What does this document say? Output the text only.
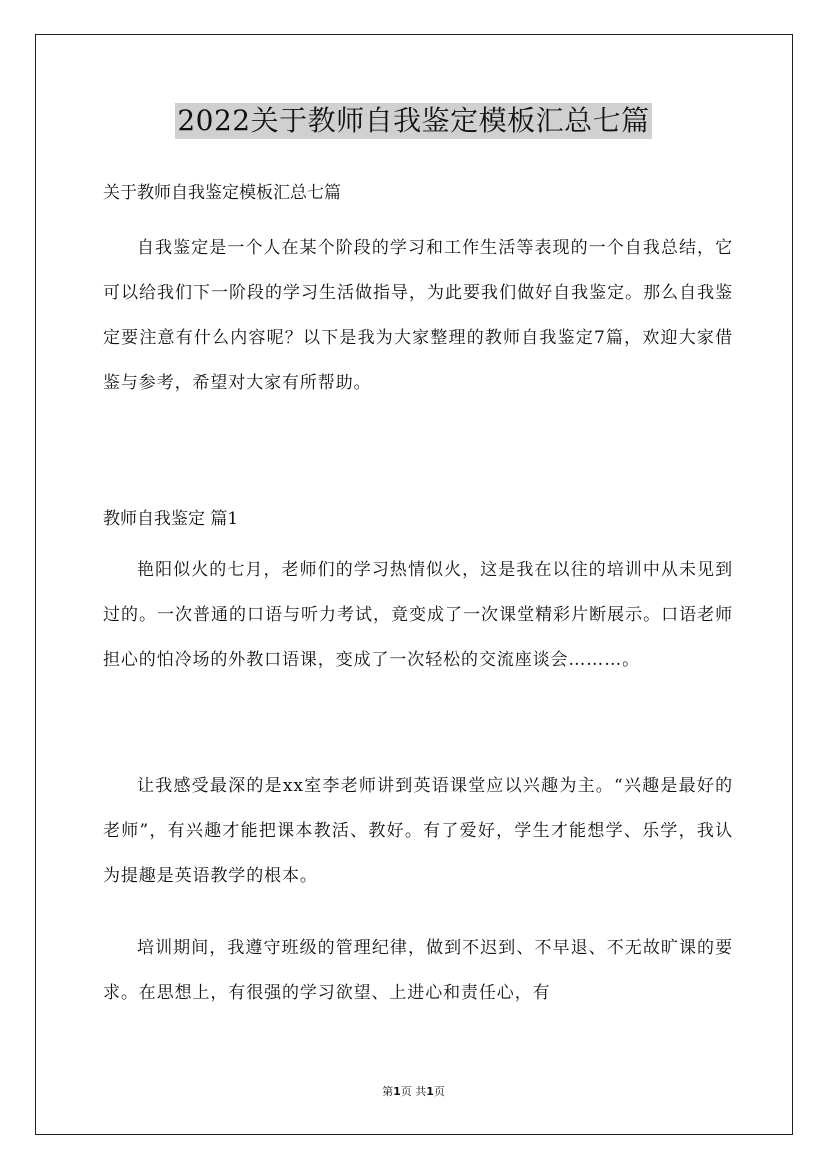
2022关于教师自我鉴定模板汇总七篇
关于教师自我鉴定模板汇总七篇

自我鉴定是一个人在某个阶段的学习和工作生活等表现的一个自我总结，它可以给我们下一阶段的学习生活做指导，为此要我们做好自我鉴定。那么自我鉴定要注意有什么内容呢？以下是我为大家整理的教师自我鉴定7篇，欢迎大家借鉴与参考，希望对大家有所帮助。

教师自我鉴定 篇1

艳阳似火的七月，老师们的学习热情似火，这是我在以往的培训中从未见到过的。一次普通的口语与听力考试，竟变成了一次课堂精彩片断展示。口语老师担心的怕冷场的外教口语课，变成了一次轻松的交流座谈会………。

让我感受最深的是xx室李老师讲到英语课堂应以兴趣为主。“兴趣是最好的老师”，有兴趣才能把课本教活、教好。有了爱好，学生才能想学、乐学，我认为提趣是英语教学的根本。

培训期间，我遵守班级的管理纪律，做到不迟到、不早退、不无故旷课的要求。在思想上，有很强的学习欲望、上进心和责任心，有

第1页 共1页
